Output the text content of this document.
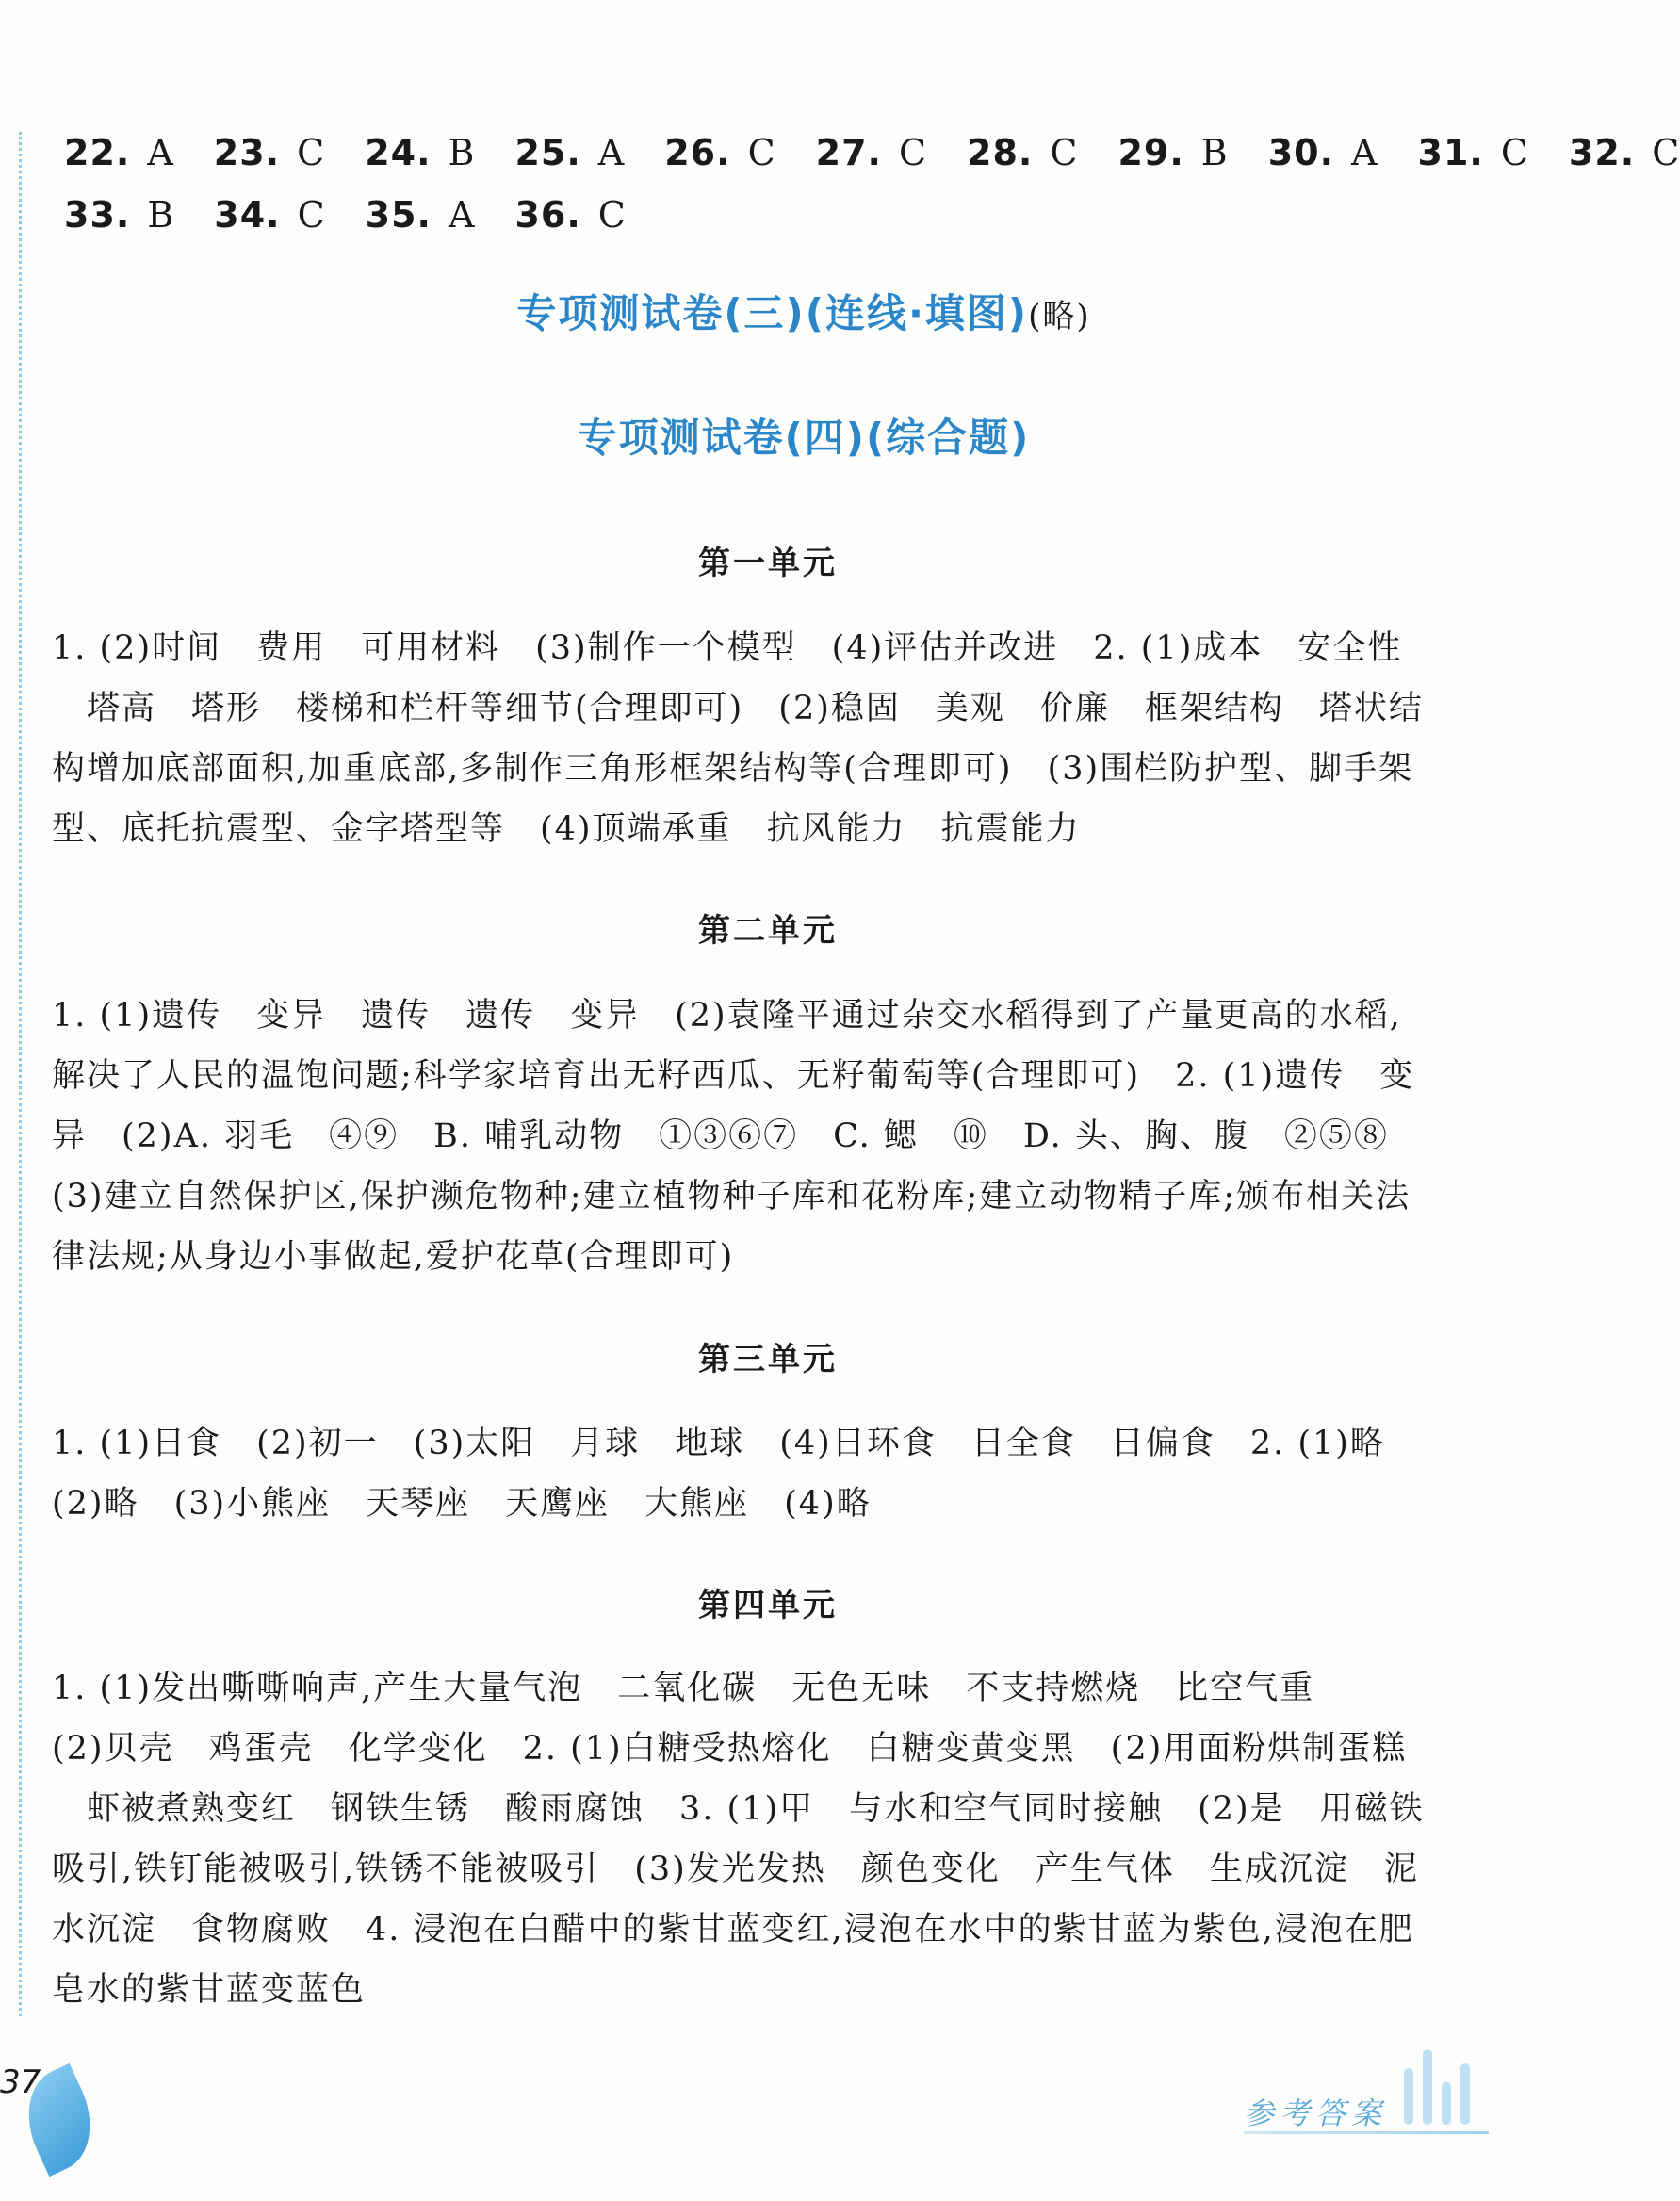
22. A 23. C 24. B 25. A 26. C 27. C 28. C 29. B 30. A 31. C 32. C
33. B 34. C 35. A 36. C
专项测试卷(三)(连线·填图)(略)
专项测试卷(四)(综合题)
第一单元
1. (2)时间　费用　可用材料　(3)制作一个模型　(4)评估并改进　2. (1)成本　安全性
　塔高　塔形　楼梯和栏杆等细节(合理即可)　(2)稳固　美观　价廉　框架结构　塔状结
构增加底部面积,加重底部,多制作三角形框架结构等(合理即可)　(3)围栏防护型、脚手架
型、底托抗震型、金字塔型等　(4)顶端承重　抗风能力　抗震能力
第二单元
1. (1)遗传　变异　遗传　遗传　变异　(2)袁隆平通过杂交水稻得到了产量更高的水稻,
解决了人民的温饱问题;科学家培育出无籽西瓜、无籽葡萄等(合理即可)　2. (1)遗传　变
异　(2)A. 羽毛　④⑨　B. 哺乳动物　①③⑥⑦　C. 鳃　⑩　D. 头、胸、腹　②⑤⑧
(3)建立自然保护区,保护濒危物种;建立植物种子库和花粉库;建立动物精子库;颁布相关法
律法规;从身边小事做起,爱护花草(合理即可)
第三单元
1. (1)日食　(2)初一　(3)太阳　月球　地球　(4)日环食　日全食　日偏食　2. (1)略
(2)略　(3)小熊座　天琴座　天鹰座　大熊座　(4)略
第四单元
1. (1)发出嘶嘶响声,产生大量气泡　二氧化碳　无色无味　不支持燃烧　比空气重
(2)贝壳　鸡蛋壳　化学变化　2. (1)白糖受热熔化　白糖变黄变黑　(2)用面粉烘制蛋糕
　虾被煮熟变红　钢铁生锈　酸雨腐蚀　3. (1)甲　与水和空气同时接触　(2)是　用磁铁
吸引,铁钉能被吸引,铁锈不能被吸引　(3)发光发热　颜色变化　产生气体　生成沉淀　泥
水沉淀　食物腐败　4. 浸泡在白醋中的紫甘蓝变红,浸泡在水中的紫甘蓝为紫色,浸泡在肥
皂水的紫甘蓝变蓝色
37
参考答案
